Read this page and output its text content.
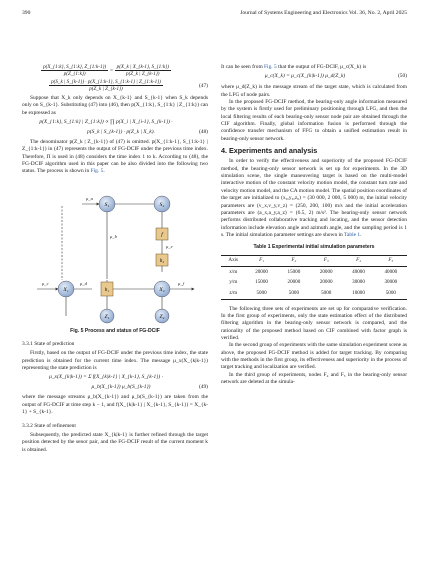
390	Journal of Systems Engineering and Electronics Vol. 36, No. 2, April 2025
$\frac{p(X\_\{1:k\}, S\_\{1:k\}, Z\_\{1:k-1\})}{p(Z\_\{1:k\})} = \frac{p(X\_k | X\_\{k-1\}, S\_\{1:k\})}{p(Z\_k | Z\_\{k-1\})}$
$\frac{p(S\_k | S\_\{k-1\}) \cdot p(X\_\{1:k-1\}, S\_\{1:k-1\} | Z\_\{1:k-1\})}{p(Z\_k | Z\_\{k-1\})}$	(47)

Suppose that X_k only depends on X_{k-1} and S_{k-1} when S_k depends only on S_{k-1}. Substituting (47) into (46), then p(X_{1:k}, S_{1:k} | Z_{1:k}) can be expressed as

p(X_{1:k}, S_{1:k} | Z_{1:k}) ∝ ∏ p(X_i | X_{i-1}, S_{k-1}) ·
p(S_k | S_{k-1}) · p(Z_k | X_k).	(48)

The denominator p(Z_k | Z_{k-1}) of (47) is omitted. p(X_{1:k-1}, S_{1:k-1} | Z_{1:k-1}) in (47) represents the output of FG-DCIF under the previous time index. Therefore, Π is used in (48) considers the time index 1 to k. According to (48), the FG-DCIF algorithm used in this paper can be also divided into the following two status. The process is shown in Fig. 5.

S₁	S₂
X₁	X₂
Z₁	Z₂
h₁
f
h₂
μ_a
μ_b
μ_c	μ_d
μ_e
μ_f
Fig. 5 Process and status of FG-DCIF
3.3.1 State of prediction

Firstly, based on the output of FG-DCIF under the previous time index, the state prediction is obtained for the current time index. The message μ_x(X_{k|k-1}) representing the state prediction is

μ_x(X_{k|k-1}) = Σ f(X_{k|k-1} | X_{k-1}, S_{k-1}) ·
μ_b(X_{k-1}) μ_b(S_{k-1})	(49)

where the message streams μ_b(X_{k-1}) and μ_b(S_{k-1}) are taken from the output of FG-DCIF at time step k − 1, and f(X_{k|k-1} | X_{k-1}, S_{k-1}) = X_{k-1} + S_{k-1}.

3.3.2 State of refinement

Subsequently, the predicted state X_{k|k-1} is further refined through the target position detected by the senor pair, and the FG-DCIF result of the current moment k is obtained.

It can be seen from Fig. 5 that the output of FG-DCIF, μ_c(X_k) is

μ_c(X_k) = μ_c(X_{k|k-1}) μ_d(Z_k)	(50)

where μ_d(Z_k) is the message stream of the target state, which is calculated from the LFG of node pairs.

In the proposed FG-DCIF method, the bearing-only angle information measured by the system is firstly used for preliminary positioning through LFG, and then the local filtering results of each bearing-only sensor node pair are obtained through the CIF algorithm. Finally, global information fusion is performed through the confidence transfer mechanism of FFG to obtain a unified estimation result in bearing-only sensor network.

4. Experiments and analysis

In order to verify the effectiveness and superiority of the proposed FG-DCIF method, the bearing-only sensor network is set up for experiments. In the 3D simulation scene, the single maneuvering target is based on the multi-model interactive motion of the constant velocity motion model, the constant turn rate and velocity motion model, and the CA motion model. The spatial position coordinates of the target are initialized to (x₀,y₀,z₀) = (30 000, 2 000, 5 000) m, the initial velocity parameters are (v_x,v_y,v_z) = (250, 200, 100) m/s and the initial acceleration parameters are (a_x,a_y,a_z) = (6.5, 2) m/s². The bearing-only sensor network performs distributed collaborative tracking and locating, and the sensor detection information include elevation angle and azimuth angle, and the sampling period is 1 s. The initial simulation parameter settings are shown in Table 1.

Table 1 Experimental initial simulation parameters
Axis	F₁	F₂	F₃	F₄	F₅
x/m	20000	15000	20000	40000	40000
y/m	15000	20000	20000	30000	30000
z/m	5000	5000	5000	10000	5000

The following three sets of experiments are set up for comparative verification. In the first group of experiments, only the state estimation effect of the distributed filtering algorithm in the bearing-only sensor network is compared, and the rationality of the proposed method based on CIF combined with factor graph is verified.

In the second group of experiments with the same simulation experiment scene as above, the proposed FG-DCIF method is added for target tracking. By comparing with the methods in the first group, its effectiveness and superiority in the process of target tracking and localization are verified.

In the third group of experiments, nodes F₄ and F₅ in the bearing-only sensor network are deleted at the simula-
